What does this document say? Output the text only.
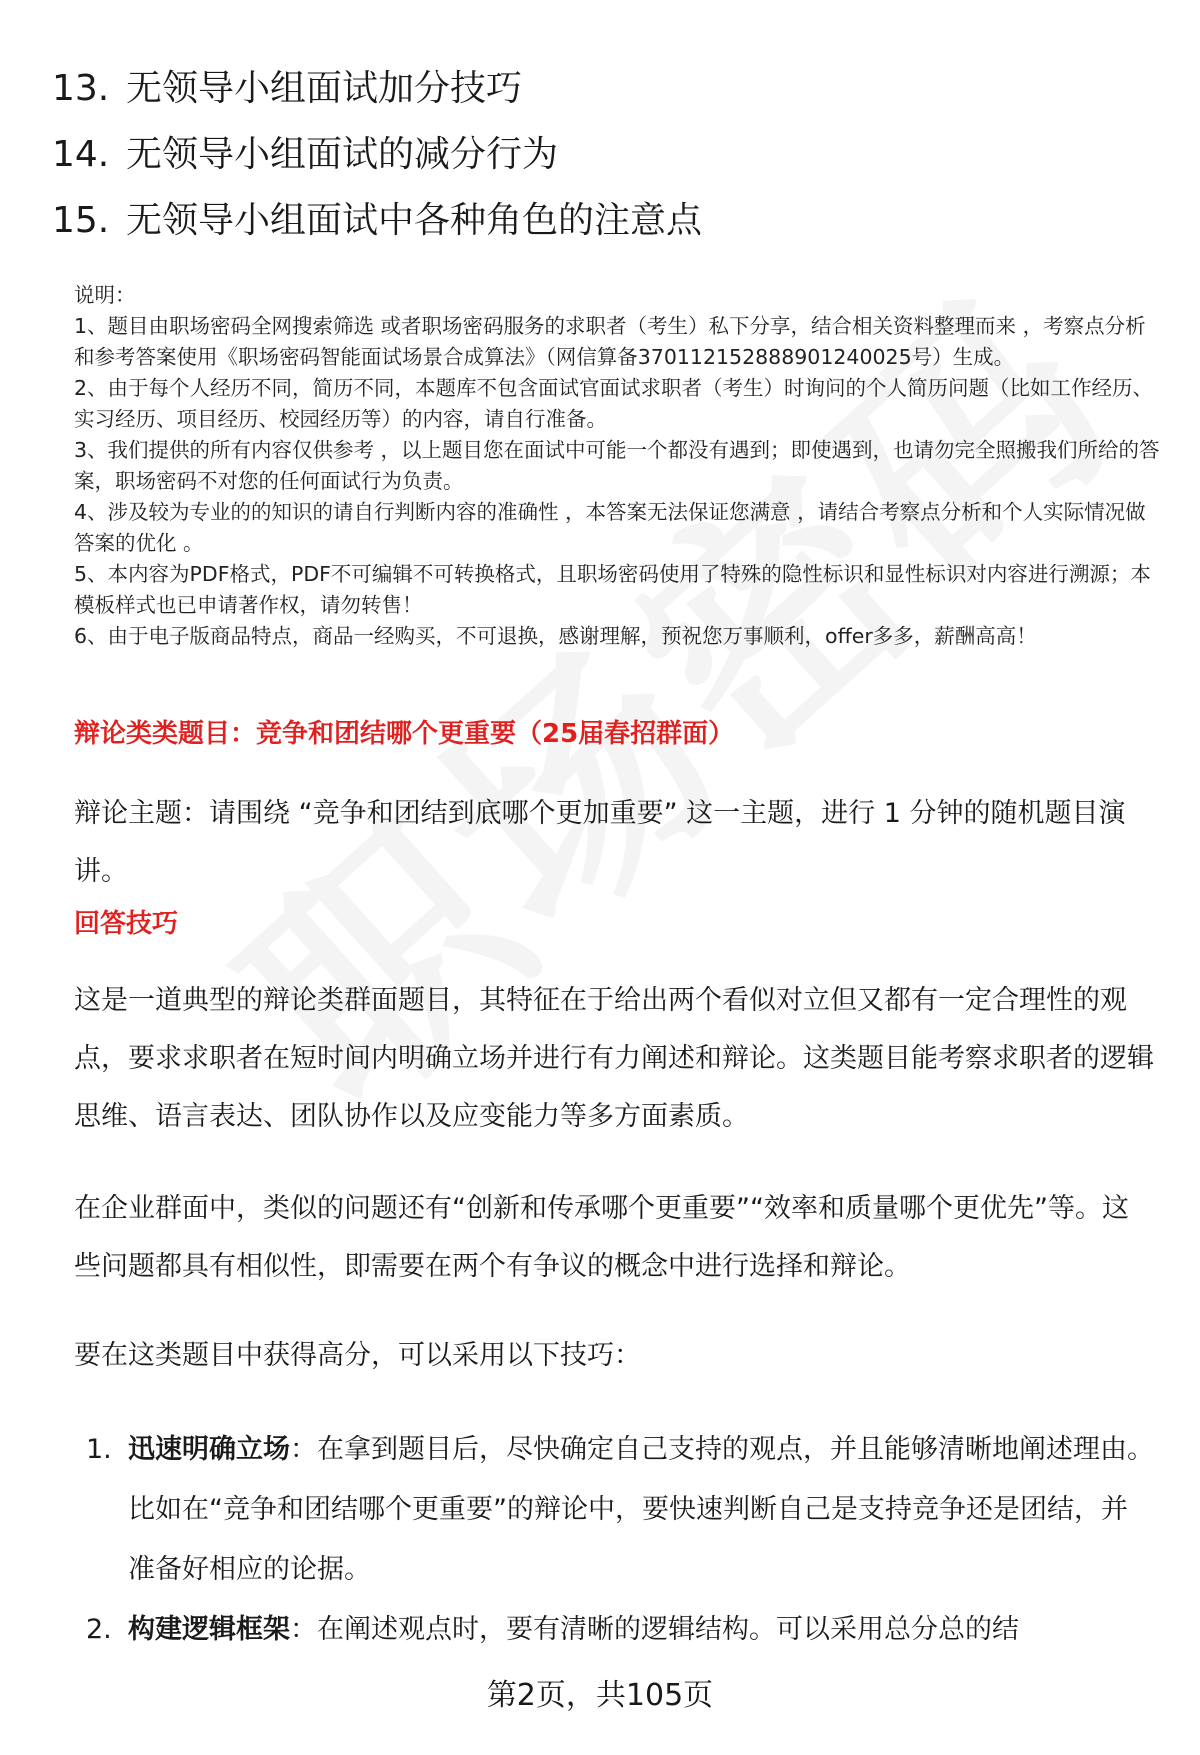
13. 无领导小组面试加分技巧
14. 无领导小组面试的减分行为
15. 无领导小组面试中各种角色的注意点

说明：

1、题目由职场密码全网搜索筛选 或者职场密码服务的求职者（考生）私下分享，结合相关资料整理而来 ，考察点分析和参考答案使用《职场密码智能面试场景合成算法》（网信算备370112152888901240025号）生成。

2、由于每个人经历不同，简历不同，本题库不包含面试官面试求职者（考生）时询问的个人简历问题（比如工作经历、实习经历、项目经历、校园经历等）的内容，请自行准备。

3、我们提供的所有内容仅供参考 ，以上题目您在面试中可能一个都没有遇到；即使遇到，也请勿完全照搬我们所给的答案，职场密码不对您的任何面试行为负责。

4、涉及较为专业的的知识的请自行判断内容的准确性 ，本答案无法保证您满意 ，请结合考察点分析和个人实际情况做答案的优化 。

5、本内容为PDF格式，PDF不可编辑不可转换格式，且职场密码使用了特殊的隐性标识和显性标识对内容进行溯源；本模板样式也已申请著作权，请勿转售！

6、由于电子版商品特点，商品一经购买，不可退换，感谢理解，预祝您万事顺利，offer多多，薪酬高高！

辩论类类题目：竞争和团结哪个更重要（25届春招群面）

辩论主题：请围绕 “竞争和团结到底哪个更加重要” 这一主题，进行 1 分钟的随机题目演讲。

回答技巧

这是一道典型的辩论类群面题目，其特征在于给出两个看似对立但又都有一定合理性的观点，要求求职者在短时间内明确立场并进行有力阐述和辩论。这类题目能考察求职者的逻辑思维、语言表达、团队协作以及应变能力等多方面素质。

在企业群面中，类似的问题还有“创新和传承哪个更重要”“效率和质量哪个更优先”等。这些问题都具有相似性，即需要在两个有争议的概念中进行选择和辩论。

要在这类题目中获得高分，可以采用以下技巧：

1. 迅速明确立场：在拿到题目后，尽快确定自己支持的观点，并且能够清晰地阐述理由。比如在“竞争和团结哪个更重要”的辩论中，要快速判断自己是支持竞争还是团结，并准备好相应的论据。
2. 构建逻辑框架：在阐述观点时，要有清晰的逻辑结构。可以采用总分总的结
第2页，共105页
